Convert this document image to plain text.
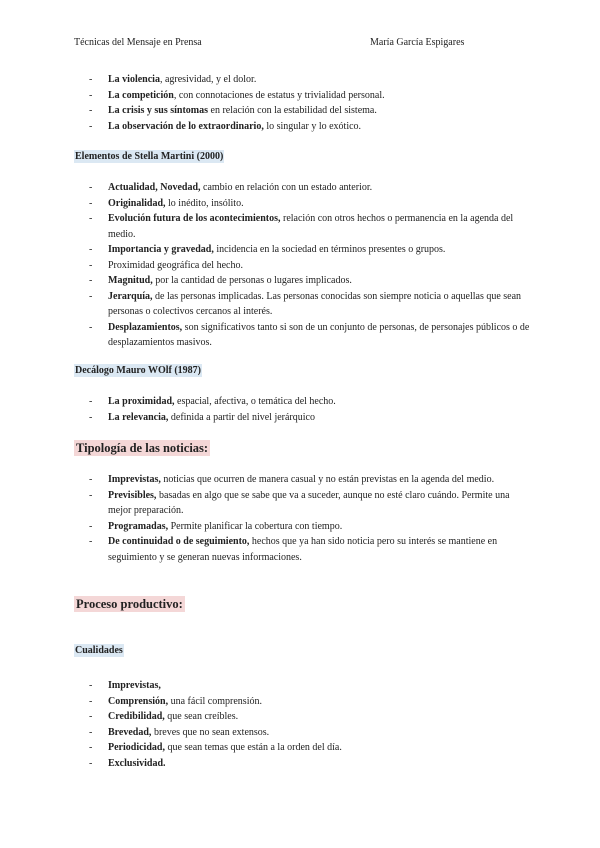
Técnicas del Mensaje en Prensa	María García Espigares
- La violencia, agresividad, y el dolor.
- La competición, con connotaciones de estatus y trivialidad personal.
- La crisis y sus síntomas en relación con la estabilidad del sistema.
- La observación de lo extraordinario, lo singular y lo exótico.
Elementos de Stella Martini (2000)
- Actualidad, Novedad, cambio en relación con un estado anterior.
- Originalidad, lo inédito, insólito.
- Evolución futura de los acontecimientos, relación con otros hechos o permanencia en la agenda del medio.
- Importancia y gravedad, incidencia en la sociedad en términos presentes o grupos.
- Proximidad geográfica del hecho.
- Magnitud, por la cantidad de personas o lugares implicados.
- Jerarquía, de las personas implicadas. Las personas conocidas son siempre noticia o aquellas que sean personas o colectivos cercanos al interés.
- Desplazamientos, son significativos tanto si son de un conjunto de personas, de personajes públicos o de desplazamientos masivos.
Decálogo Mauro WOlf (1987)
- La proximidad, espacial, afectiva, o temática del hecho.
- La relevancia, definida a partir del nivel jerárquico
Tipología de las noticias:
- Imprevistas, noticias que ocurren de manera casual y no están previstas en la agenda del medio.
- Previsibles, basadas en algo que se sabe que va a suceder, aunque no esté claro cuándo. Permite una mejor preparación.
- Programadas, Permite planificar la cobertura con tiempo.
- De continuidad o de seguimiento, hechos que ya han sido noticia pero su interés se mantiene en seguimiento y se generan nuevas informaciones.
Proceso productivo:
Cualidades
- Imprevistas,
- Comprensión, una fácil comprensión.
- Credibilidad, que sean creíbles.
- Brevedad, breves que no sean extensos.
- Periodicidad, que sean temas que están a la orden del día.
- Exclusividad.
